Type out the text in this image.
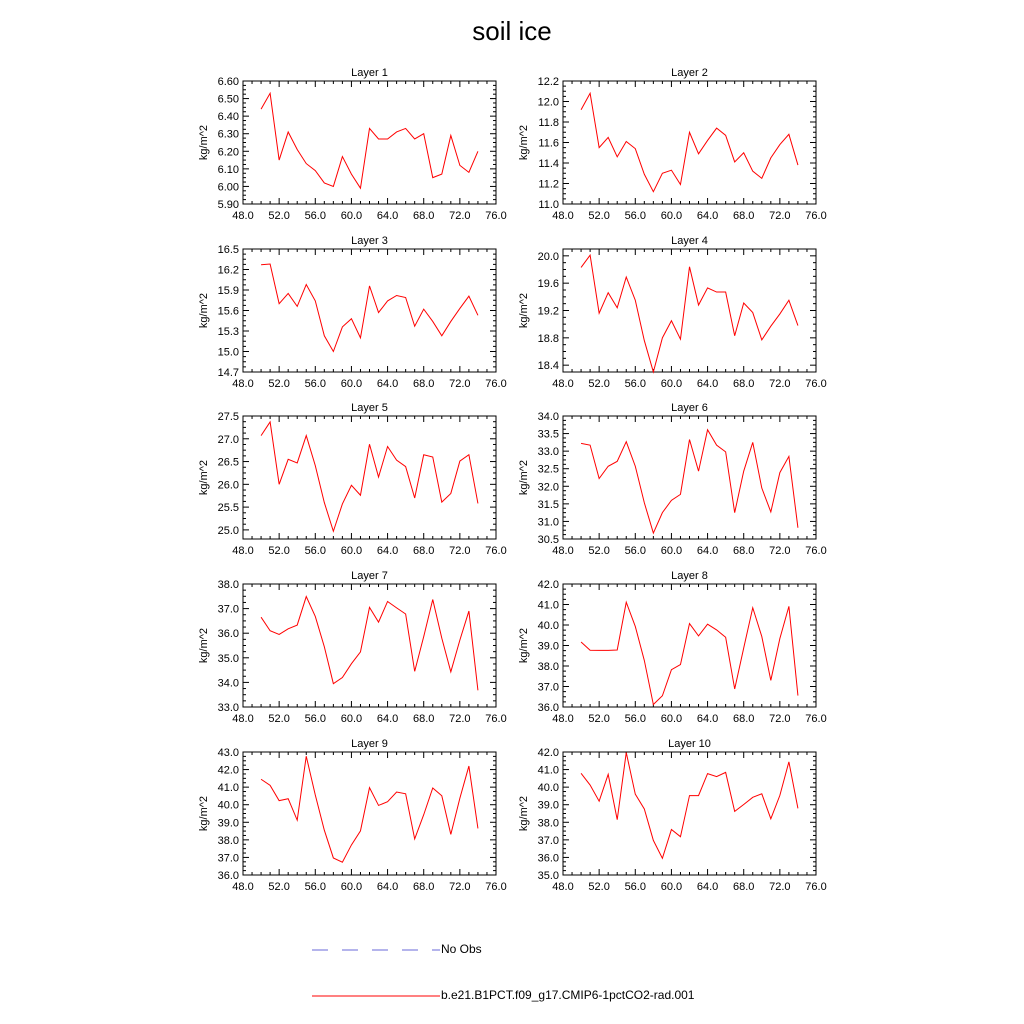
soil ice
Layer 1
48.0 52.0 56.0 60.0 64.0 68.0 72.0 76.0
5.90
6.00
6.10
6.20
6.30
6.40
6.50
6.60
kg/m^2
Layer 2
48.0 52.0 56.0 60.0 64.0 68.0 72.0 76.0
11.0
11.2
11.4
11.6
11.8
12.0
12.2
kg/m^2
Layer 3
48.0 52.0 56.0 60.0 64.0 68.0 72.0 76.0
14.7
15.0
15.3
15.6
15.9
16.2
16.5
kg/m^2
Layer 4
48.0 52.0 56.0 60.0 64.0 68.0 72.0 76.0
18.4
18.8
19.2
19.6
20.0
kg/m^2
Layer 5
48.0 52.0 56.0 60.0 64.0 68.0 72.0 76.0
25.0
25.5
26.0
26.5
27.0
27.5
kg/m^2
Layer 6
48.0 52.0 56.0 60.0 64.0 68.0 72.0 76.0
30.5
31.0
31.5
32.0
32.5
33.0
33.5
34.0
kg/m^2
Layer 7
48.0 52.0 56.0 60.0 64.0 68.0 72.0 76.0
33.0
34.0
35.0
36.0
37.0
38.0
kg/m^2
Layer 8
48.0 52.0 56.0 60.0 64.0 68.0 72.0 76.0
36.0
37.0
38.0
39.0
40.0
41.0
42.0
kg/m^2
Layer 9
48.0 52.0 56.0 60.0 64.0 68.0 72.0 76.0
36.0
37.0
38.0
39.0
40.0
41.0
42.0
43.0
kg/m^2
Layer 10
48.0 52.0 56.0 60.0 64.0 68.0 72.0 76.0
35.0
36.0
37.0
38.0
39.0
40.0
41.0
42.0
kg/m^2
No Obs
b.e21.B1PCT.f09_g17.CMIP6-1pctCO2-rad.001
